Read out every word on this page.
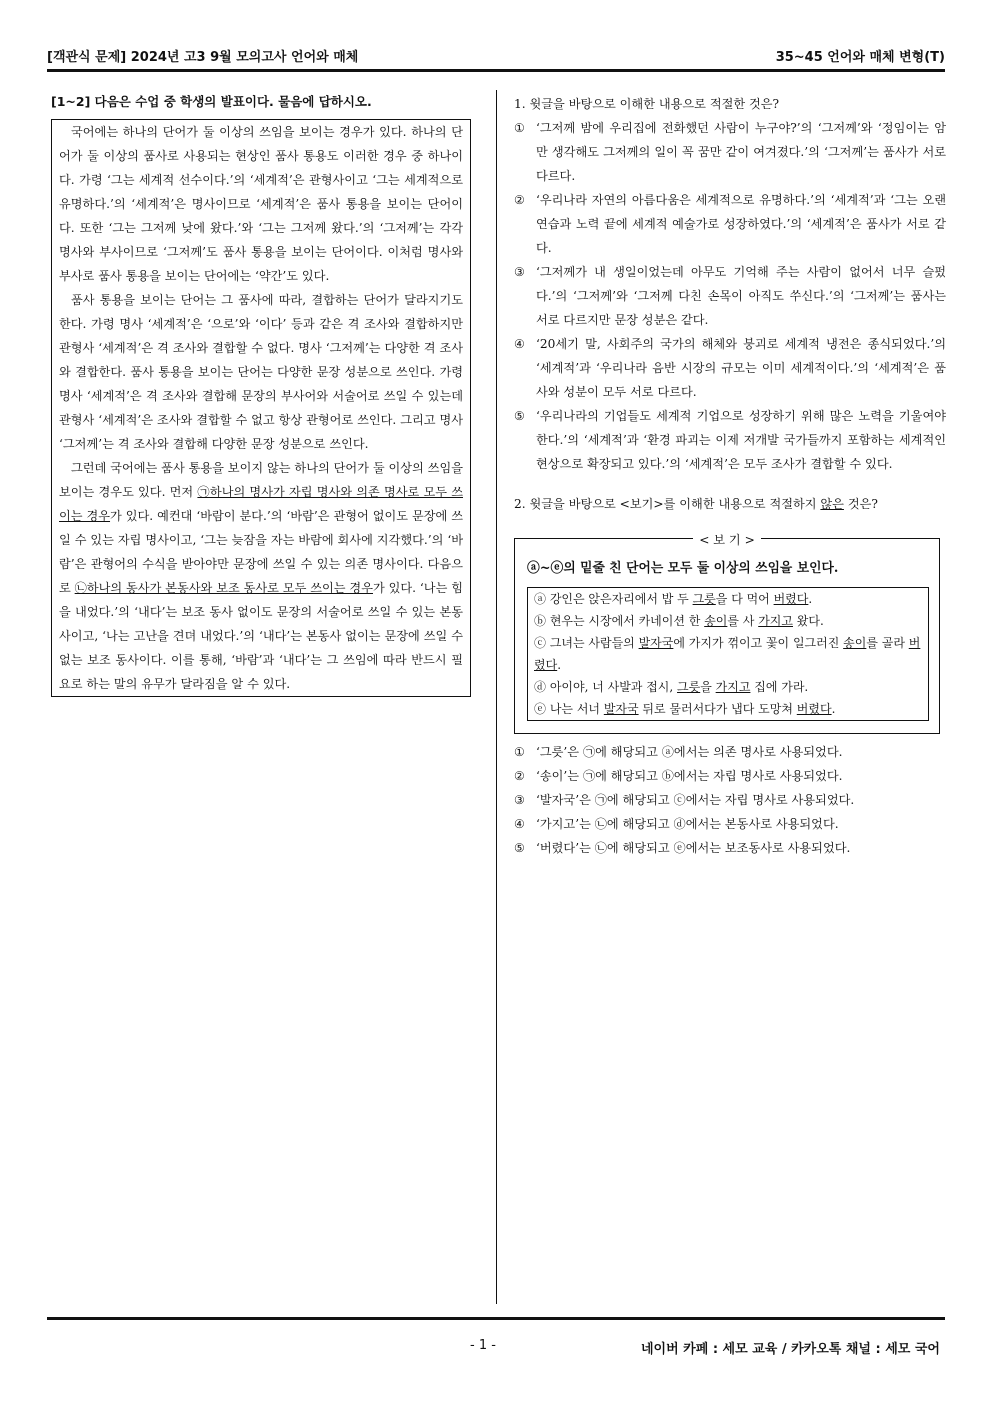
[객관식 문제] 2024년 고3 9월 모의고사 언어와 매체	35~45 언어와 매체 변형(T)
[1~2] 다음은 수업 중 학생의 발표이다. 물음에 답하시오.

국어에는 하나의 단어가 둘 이상의 쓰임을 보이는 경우가 있다. 하나의 단어가 둘 이상의 품사로 사용되는 현상인 품사 통용도 이러한 경우 중 하나이다. 가령 ‘그는 세계적 선수이다.’의 ‘세계적’은 관형사이고 ‘그는 세계적으로 유명하다.’의 ‘세계적’은 명사이므로 ‘세계적’은 품사 통용을 보이는 단어이다. 또한 ‘그는 그저께 낮에 왔다.’와 ‘그는 그저께 왔다.’의 ‘그저께’는 각각 명사와 부사이므로 ‘그저께’도 품사 통용을 보이는 단어이다. 이처럼 명사와 부사로 품사 통용을 보이는 단어에는 ‘약간’도 있다.

품사 통용을 보이는 단어는 그 품사에 따라, 결합하는 단어가 달라지기도 한다. 가령 명사 ‘세계적’은 ‘으로’와 ‘이다’ 등과 같은 격 조사와 결합하지만 관형사 ‘세계적’은 격 조사와 결합할 수 없다. 명사 ‘그저께’는 다양한 격 조사와 결합한다. 품사 통용을 보이는 단어는 다양한 문장 성분으로 쓰인다. 가령 명사 ‘세계적’은 격 조사와 결합해 문장의 부사어와 서술어로 쓰일 수 있는데 관형사 ‘세계적’은 조사와 결합할 수 없고 항상 관형어로 쓰인다. 그리고 명사 ‘그저께’는 격 조사와 결합해 다양한 문장 성분으로 쓰인다.

그런데 국어에는 품사 통용을 보이지 않는 하나의 단어가 둘 이상의 쓰임을 보이는 경우도 있다. 먼저 ㉠하나의 명사가 자립 명사와 의존 명사로 모두 쓰이는 경우가 있다. 예컨대 ‘바람이 분다.’의 ‘바람’은 관형어 없이도 문장에 쓰일 수 있는 자립 명사이고, ‘그는 늦잠을 자는 바람에 회사에 지각했다.’의 ‘바람’은 관형어의 수식을 받아야만 문장에 쓰일 수 있는 의존 명사이다. 다음으로 ㉡하나의 동사가 본동사와 보조 동사로 모두 쓰이는 경우가 있다. ‘나는 힘을 내었다.’의 ‘내다’는 보조 동사 없이도 문장의 서술어로 쓰일 수 있는 본동사이고, ‘나는 고난을 견뎌 내었다.’의 ‘내다’는 본동사 없이는 문장에 쓰일 수 없는 보조 동사이다. 이를 통해, ‘바람’과 ‘내다’는 그 쓰임에 따라 반드시 필요로 하는 말의 유무가 달라짐을 알 수 있다.

1. 윗글을 바탕으로 이해한 내용으로 적절한 것은?
① ‘그저께 밤에 우리집에 전화했던 사람이 누구야?’의 ‘그저께’와 ‘정임이는 암만 생각해도 그저께의 일이 꼭 꿈만 같이 여겨졌다.’의 ‘그저께’는 품사가 서로 다르다.
② ‘우리나라 자연의 아름다움은 세계적으로 유명하다.’의 ‘세계적’과 ‘그는 오랜 연습과 노력 끝에 세계적 예술가로 성장하였다.’의 ‘세계적’은 품사가 서로 같다.
③ ‘그저께가 내 생일이었는데 아무도 기억해 주는 사람이 없어서 너무 슬펐다.’의 ‘그저께’와 ‘그저께 다친 손목이 아직도 쑤신다.’의 ‘그저께’는 품사는 서로 다르지만 문장 성분은 같다.
④ ‘20세기 말, 사회주의 국가의 해체와 붕괴로 세계적 냉전은 종식되었다.’의 ‘세계적’과 ‘우리나라 음반 시장의 규모는 이미 세계적이다.’의 ‘세계적’은 품사와 성분이 모두 서로 다르다.
⑤ ‘우리나라의 기업들도 세계적 기업으로 성장하기 위해 많은 노력을 기울여야 한다.’의 ‘세계적’과 ‘환경 파괴는 이제 저개발 국가들까지 포함하는 세계적인 현상으로 확장되고 있다.’의 ‘세계적’은 모두 조사가 결합할 수 있다.
2. 윗글을 바탕으로 <보기>를 이해한 내용으로 적절하지 않은 것은?
< 보 기 >
ⓐ~ⓔ의 밑줄 친 단어는 모두 둘 이상의 쓰임을 보인다.
ⓐ 강인은 앉은자리에서 밥 두 그릇을 다 먹어 버렸다.
ⓑ 현우는 시장에서 카네이션 한 송이를 사 가지고 왔다.
ⓒ 그녀는 사람들의 발자국에 가지가 꺾이고 꽃이 일그러진 송이를 골라 버렸다.
ⓓ 아이야, 너 사발과 접시, 그릇을 가지고 집에 가라.
ⓔ 나는 서너 발자국 뒤로 물러서다가 냅다 도망쳐 버렸다.
① ‘그릇’은 ㉠에 해당되고 ⓐ에서는 의존 명사로 사용되었다.
② ‘송이’는 ㉠에 해당되고 ⓑ에서는 자립 명사로 사용되었다.
③ ‘발자국’은 ㉠에 해당되고 ⓒ에서는 자립 명사로 사용되었다.
④ ‘가지고’는 ㉡에 해당되고 ⓓ에서는 본동사로 사용되었다.
⑤ ‘버렸다’는 ㉡에 해당되고 ⓔ에서는 보조동사로 사용되었다.
- 1 -	네이버 카페 : 세모 교육 / 카카오톡 채널 : 세모 국어
